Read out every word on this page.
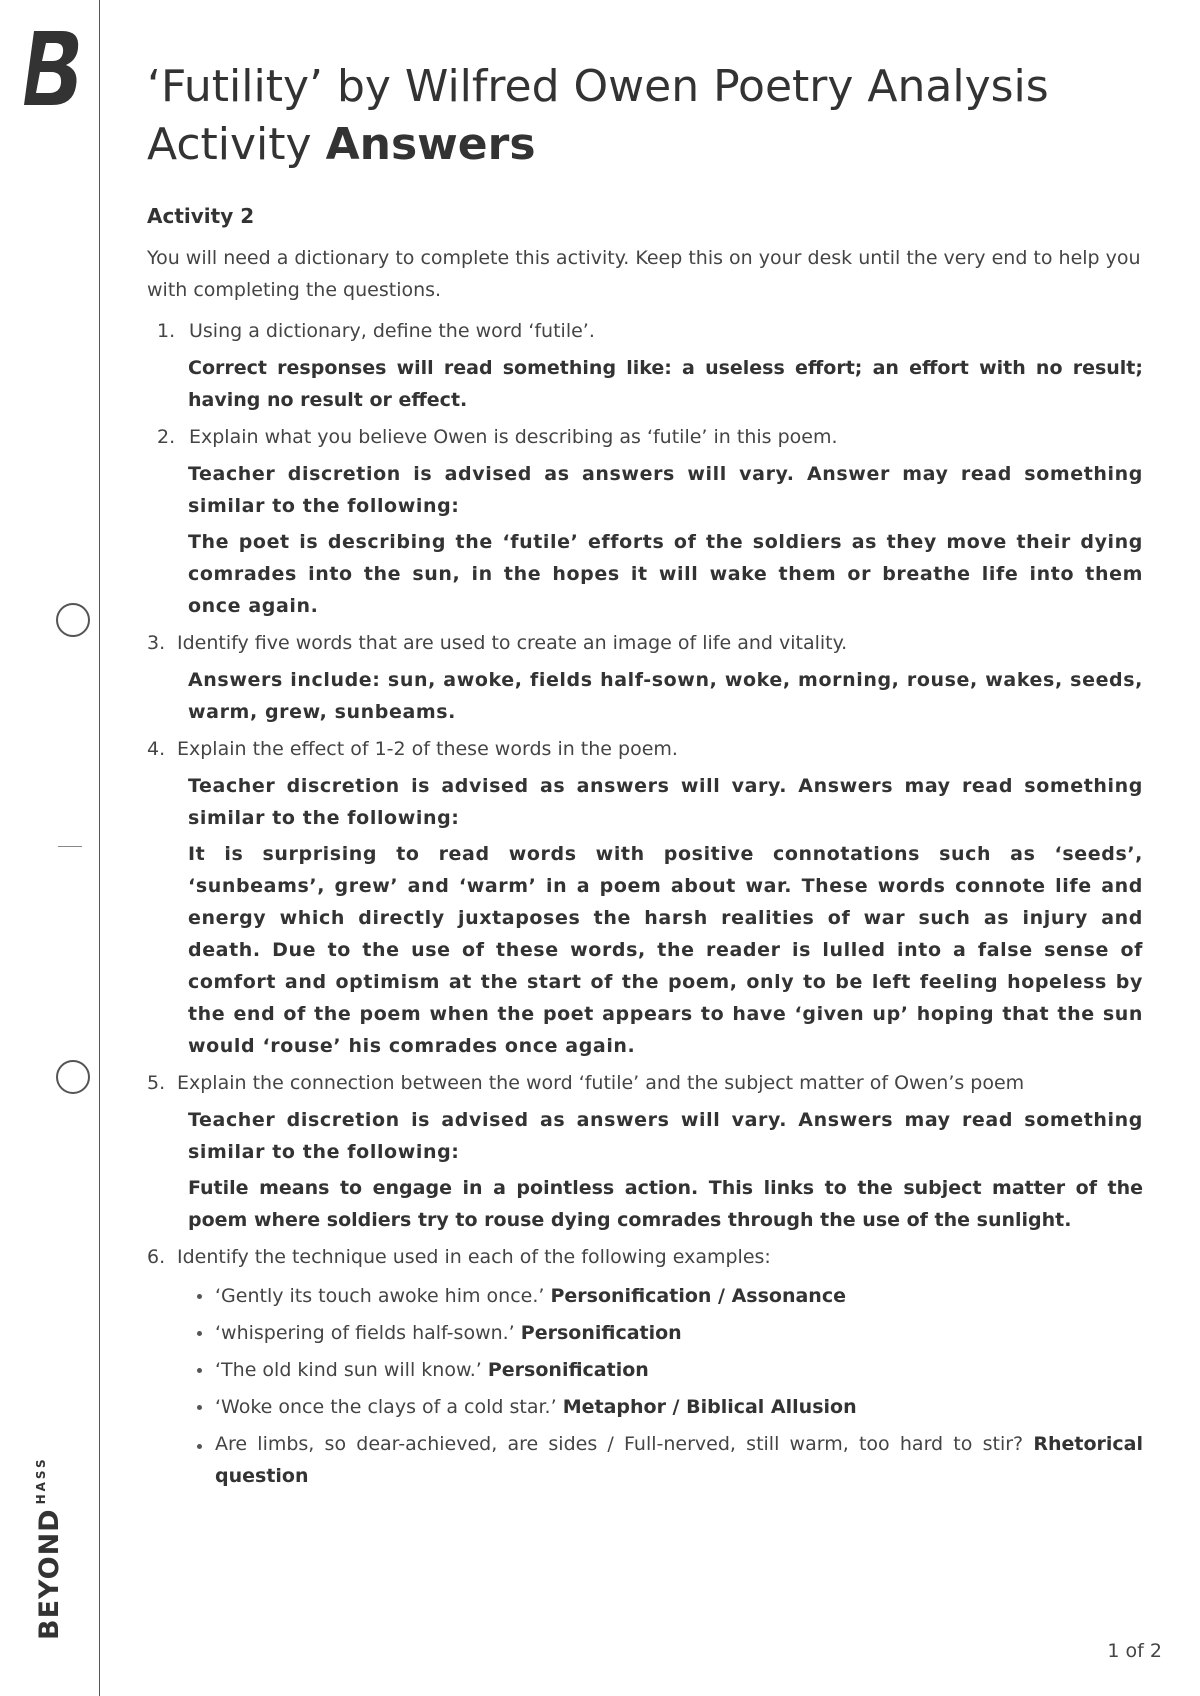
$BEYOND^{HASS}$
‘Futility’ by Wilfred Owen Poetry Analysis
Activity Answers

Activity 2

You will need a dictionary to complete this activity. Keep this on your desk until the very end to help you with completing the questions.

1. Using a dictionary, define the word ‘futile’.
Correct responses will read something like: a useless effort; an effort with no result; having no result or effect.
2. Explain what you believe Owen is describing as ‘futile’ in this poem.
Teacher discretion is advised as answers will vary. Answer may read something similar to the following:
The poet is describing the ‘futile’ efforts of the soldiers as they move their dying comrades into the sun, in the hopes it will wake them or breathe life into them once again.
3. Identify five words that are used to create an image of life and vitality.
Answers include: sun, awoke, fields half-sown, woke, morning, rouse, wakes, seeds, warm, grew, sunbeams.
4. Explain the effect of 1-2 of these words in the poem.
Teacher discretion is advised as answers will vary. Answers may read something similar to the following:
It is surprising to read words with positive connotations such as ‘seeds’, ‘sunbeams’, grew’ and ‘warm’ in a poem about war. These words connote life and energy which directly juxtaposes the harsh realities of war such as injury and death. Due to the use of these words, the reader is lulled into a false sense of comfort and optimism at the start of the poem, only to be left feeling hopeless by the end of the poem when the poet appears to have ‘given up’ hoping that the sun would ‘rouse’ his comrades once again.
5. Explain the connection between the word ‘futile’ and the subject matter of Owen’s poem
Teacher discretion is advised as answers will vary. Answers may read something similar to the following:
Futile means to engage in a pointless action. This links to the subject matter of the poem where soldiers try to rouse dying comrades through the use of the sunlight.
6. Identify the technique used in each of the following examples:
‘Gently its touch awoke him once.’ Personification / Assonance
‘whispering of fields half-sown.’ Personification
‘The old kind sun will know.’ Personification
‘Woke once the clays of a cold star.’ Metaphor / Biblical Allusion
Are limbs, so dear-achieved, are sides / Full-nerved, still warm, too hard to stir? Rhetorical question
1 of 2
